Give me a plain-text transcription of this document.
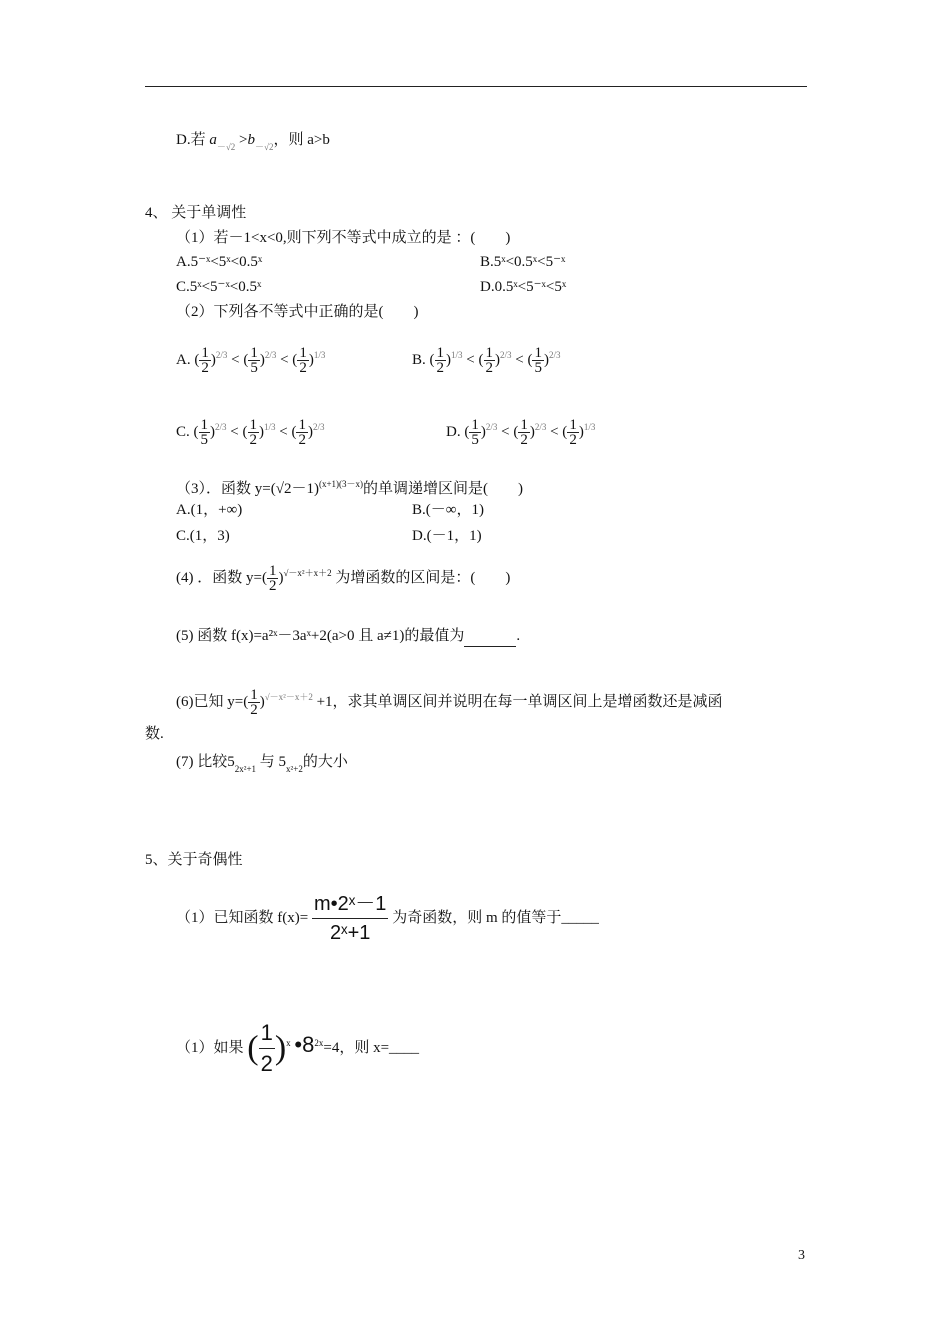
D.若 $a_{-√2} >b_{-√2}$，则 a>b
4、 关于单调性
（1）若－1<x<0,则下列不等式中成立的是 ：(　　)
A.5⁻ˣ<5ˣ<0.5ˣ	B.5ˣ<0.5ˣ<5⁻ˣ
C.5ˣ<5⁻ˣ<0.5ˣ	D.0.5ˣ<5⁻ˣ<5ˣ
（2）下列各不等式中正确的是(　　)
A. ( $\frac{1}{2} )^{2/3}$ < ( $\frac{1}{5} )^{2/3}$ < ( $\frac{1}{2} )^{1/3}$	B. ( $\frac{1}{2} )^{1/3}$ < ( $\frac{1}{2} )^{2/3}$ < ( $\frac{1}{5} )^{2/3}$
C. ( $\frac{1}{5} )^{2/3}$ < ( $\frac{1}{2} )^{1/3}$ < ( $\frac{1}{2} )^{2/3}$	D. ( $\frac{1}{5} )^{2/3}$ < ( $\frac{1}{2} )^{2/3}$ < ( $\frac{1}{2} )^{1/3}$
（3）．函数 $y=(√2-1)^{(x+1)(3-x)}$的单调递增区间是(　　)
A.(1，+∞)	B.(－∞，1)
C.(1，3)	D.(－1，1)
(4) ．函数 $y=( \frac{1}{2} )^{√-x^2+x+2}$ 为增函数的区间是：(　　)
(5) 函数 f(x)=a²ˣ－3aˣ+2(a>0 且 a≠1)的最值为	.
(6)已知 $y=( \frac{1}{2} )^{√-x^2-x+2} +1$，求其单调区间并说明在每一单调区间上是增函数还是减函
数.
(7) 比较$5_{2x^2+1}$ 与 $5_{x^2+2}$的大小
5、关于奇偶性
（1）已知函数 $f(x)= \frac{\text{m•2ˣ－1}}{\text{2ˣ+1}}$ 为奇函数，则 m 的值等于_____
（1）如果 ( $\frac{1}{2} )^x$ $•8^{2x}=4$，则 x=____
3
